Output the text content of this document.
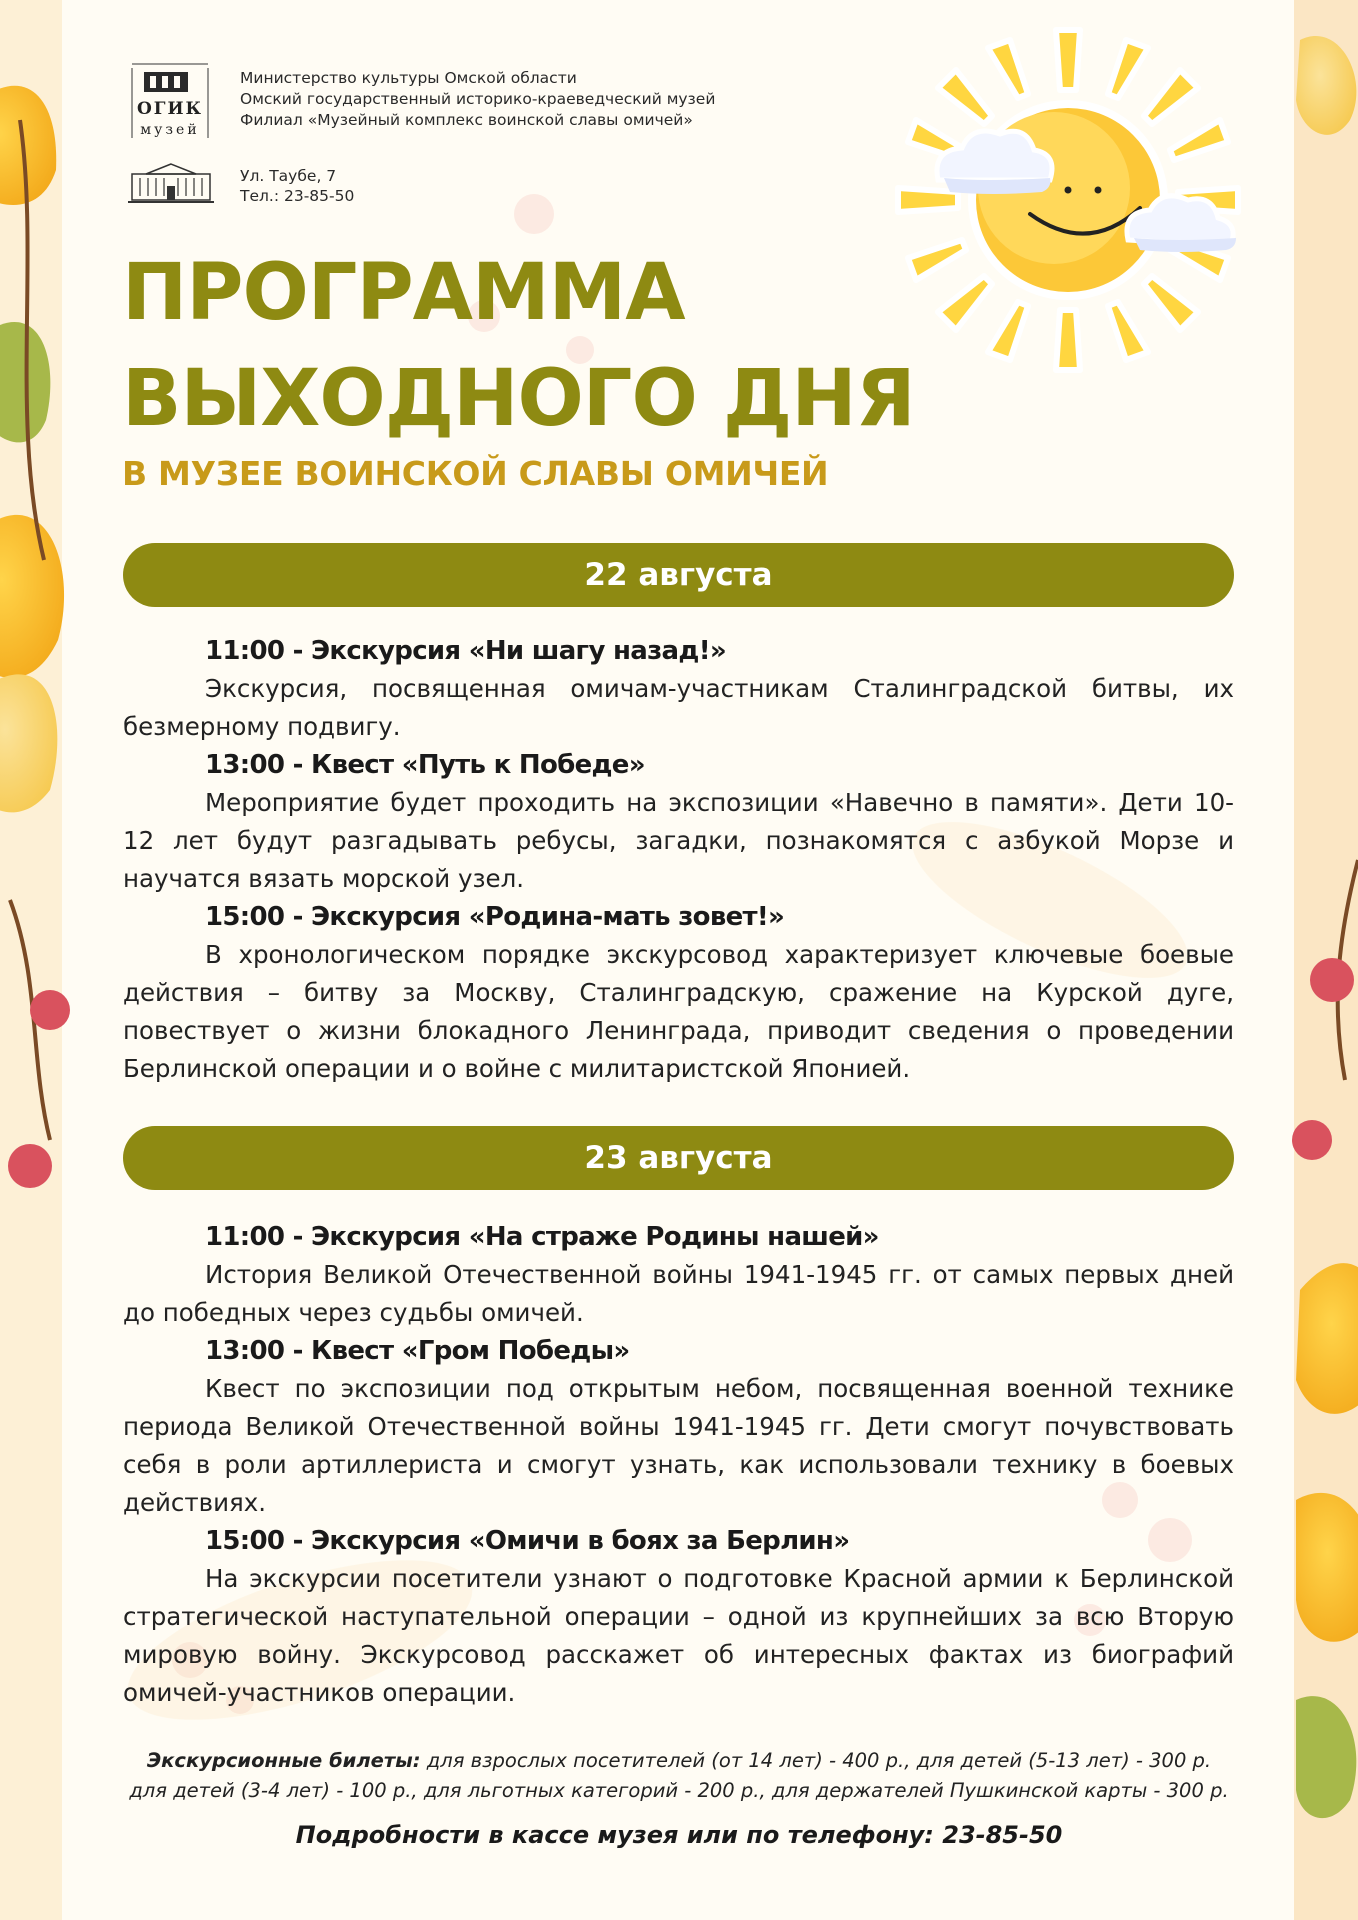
ОГИК
музей
Министерство культуры Омской области
Омский государственный историко-краеведческий музей
Филиал «Музейный комплекс воинской славы омичей»
Ул. Таубе, 7
Тел.: 23-85-50
ПРОГРАММА
ВЫХОДНОГО ДНЯ
В МУЗЕЕ ВОИНСКОЙ СЛАВЫ ОМИЧЕЙ
22 августа
11:00 - Экскурсия «Ни шагу назад!»

Экскурсия, посвященная омичам-участникам Сталинградской битвы, их безмерному подвигу.

13:00 - Квест «Путь к Победе»

Мероприятие будет проходить на экспозиции «Навечно в памяти». Дети 10-12 лет будут разгадывать ребусы, загадки, познакомятся с азбукой Морзе и научатся вязать морской узел.

15:00 - Экскурсия «Родина-мать зовет!»

В хронологическом порядке экскурсовод характеризует ключевые боевые действия – битву за Москву, Сталинградскую, сражение на Курской дуге, повествует о жизни блокадного Ленинграда, приводит сведения о проведении Берлинской операции и о войне с милитаристской Японией.

23 августа
11:00 - Экскурсия «На страже Родины нашей»

История Великой Отечественной войны 1941-1945 гг. от самых первых дней до победных через судьбы омичей.

13:00 - Квест «Гром Победы»

Квест по экспозиции под открытым небом, посвященная военной технике периода Великой Отечественной войны 1941-1945 гг. Дети смогут почувствовать себя в роли артиллериста и смогут узнать, как использовали технику в боевых действиях.

15:00 - Экскурсия «Омичи в боях за Берлин»

На экскурсии посетители узнают о подготовке Красной армии к Берлинской стратегической наступательной операции – одной из крупнейших за всю Вторую мировую войну. Экскурсовод расскажет об интересных фактах из биографий омичей-участников операции.

Экскурсионные билеты: для взрослых посетителей (от 14 лет) - 400 р., для детей (5-13 лет) - 300 р.
для детей (3-4 лет) - 100 р., для льготных категорий - 200 р., для держателей Пушкинской карты - 300 р.
Подробности в кассе музея или по телефону: 23-85-50
